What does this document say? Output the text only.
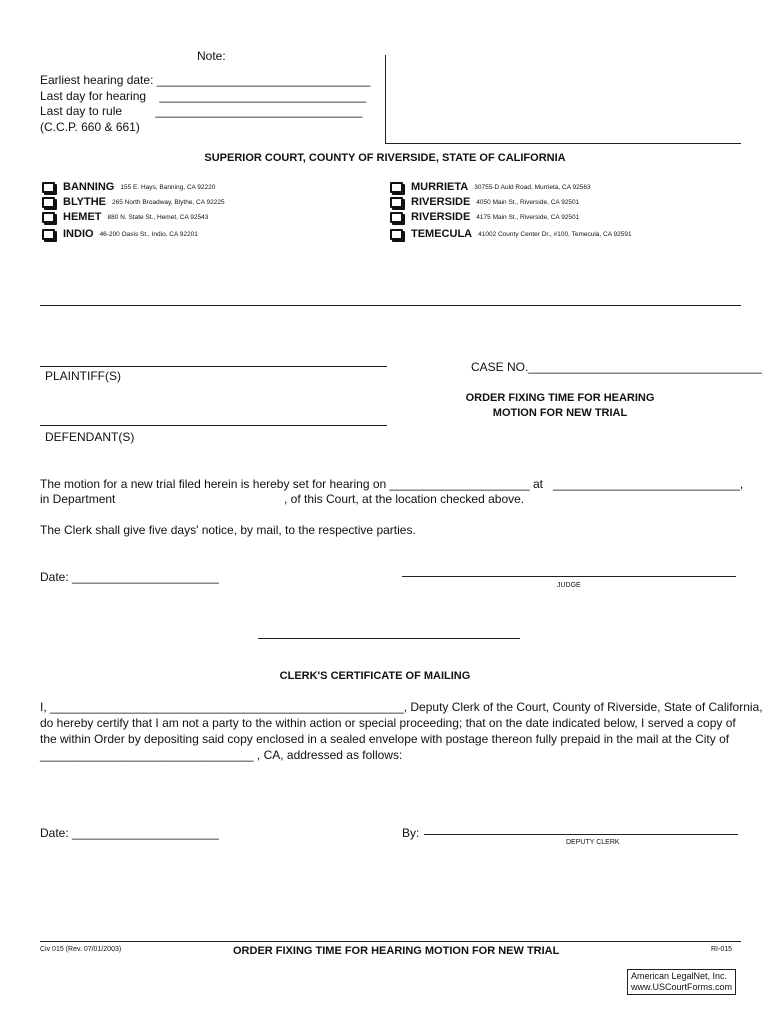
Note:
Earliest hearing date: ________________________________
Last day for hearing    _______________________________
Last day to rule          _______________________________
(C.C.P. 660 & 661)
SUPERIOR COURT, COUNTY OF RIVERSIDE, STATE OF CALIFORNIA
BANNING 155 E. Hays, Banning, CA 92220
BLYTHE 265 North Broadway, Blythe, CA 92225
HEMET 880 N. State St., Hemet, CA 92543
INDIO 46-200 Oasis St., Indio, CA 92201
MURRIETA 30755-D Auld Road, Murrieta, CA 92563
RIVERSIDE 4050 Main St., Riverside, CA 92501
RIVERSIDE 4175 Main St., Riverside, CA 92501
TEMECULA 41002 County Center Dr., #100, Temecula, CA 92591
PLAINTIFF(S)
CASE NO.___________________________________
ORDER FIXING TIME FOR HEARING
MOTION FOR NEW TRIAL
DEFENDANT(S)
The motion for a new trial filed herein is hereby set for hearing on _____________________ at   ____________________________,
in Department	, of this Court, at the location checked above.
The Clerk shall give five days' notice, by mail, to the respective parties.
Date: ______________________
JUDGE
CLERK'S CERTIFICATE OF MAILING
I, _____________________________________________________, Deputy Clerk of the Court, County of Riverside, State of California,
do hereby certify that I am not a party to the within action or special proceeding; that on the date indicated below, I served a copy of
the within Order by depositing said copy enclosed in a sealed envelope with postage thereon fully prepaid in the mail at the City of
________________________________ , CA, addressed as follows:
Date: ______________________	By:
DEPUTY CLERK
Civ 015 (Rev. 07/01/2003)	ORDER FIXING TIME FOR HEARING MOTION FOR NEW TRIAL	RI-015
American LegalNet, Inc.
www.USCourtForms.com
